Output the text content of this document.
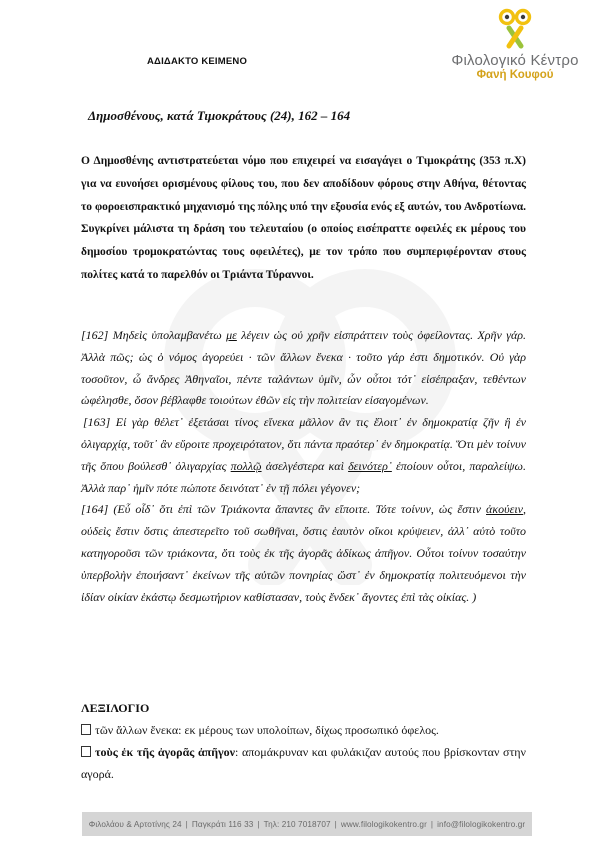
ΑΔΙΔΑΚΤΟ ΚΕΙΜΕΝΟ	Φιλολογικό Κέντρο
Φανή Κουφού
Δημοσθένους, κατά Τιμοκράτους (24), 162 – 164

Ο Δημοσθένης αντιστρατεύεται νόμο που επιχειρεί να εισαγάγει ο Τιμοκράτης (353 π.Χ) για να ευνοήσει ορισμένους φίλους του, που δεν αποδίδουν φόρους στην Αθήνα, θέτοντας το φοροεισπρακτικό μηχανισμό της πόλης υπό την εξουσία ενός εξ αυτών, του Ανδροτίωνα. Συγκρίνει μάλιστα τη δράση του τελευταίου (ο οποίος εισέπραττε οφειλές εκ μέρους του δημοσίου τρομοκρατώντας τους οφειλέτες), με τον τρόπο που συμπεριφέρονταν στους πολίτες κατά το παρελθόν οι Τριάντα Τύραννοι.

[162] Μηδεὶς ὑπολαμβανέτω με λέγειν ὡς οὐ χρῆν εἰσπράττειν τοὺς ὀφείλοντας. Χρῆν γάρ. Ἀλλὰ πῶς; ὡς ὁ νόμος ἀγορεύει · τῶν ἄλλων ἕνεκα · τοῦτο γάρ ἐστι δημοτικόν. Οὐ γὰρ τοσοῦτον, ὦ ἄνδρες Ἀθηναῖοι, πέντε ταλάντων ὑμῖν, ὧν οὗτοι τότ᾽ εἰσέπραξαν, τεθέντων ὠφέλησθε, ὅσον βέβλαφθε τοιούτων ἐθῶν εἰς τὴν πολιτείαν εἰσαγομένων.

[163] Εἰ γὰρ θέλετ᾽ ἐξετάσαι τίνος εἵνεκα μᾶλλον ἂν τις ἕλοιτ᾽ ἐν δημοκρατίᾳ ζῆν ἢ ἐν ὀλιγαρχίᾳ, τοῦτ᾽ ἂν εὕροιτε προχειρότατον, ὅτι πάντα πραότερ᾽ ἐν δημοκρατίᾳ. Ὅτι μὲν τοίνυν τῆς ὅπου βούλεσθ᾽ ὀλιγαρχίας πολλῷ ἀσελγέστερα καὶ δεινότερ᾽ ἐποίουν οὗτοι, παραλείψω. Ἀλλὰ παρ᾽ ἡμῖν πότε πώποτε δεινότατ᾽ ἐν τῇ πόλει γέγονεν;

[164] (Εὖ οἶδ᾽ ὅτι ἐπὶ τῶν Τριάκοντα ἅπαντες ἂν εἴποιτε. Τότε τοίνυν, ὡς ἔστιν ἀκούειν, οὐδεὶς ἔστιν ὅστις ἀπεστερεῖτο τοῦ σωθῆναι, ὅστις ἑαυτὸν οἴκοι κρύψειεν, ἀλλ᾽ αὐτὸ τοῦτο κατηγοροῦσι τῶν τριάκοντα, ὅτι τοὺς ἐκ τῆς ἀγορᾶς ἀδίκως ἀπῆγον. Οὗτοι τοίνυν τοσαύτην ὑπερβολὴν ἐποιήσαντ᾽ ἐκείνων τῆς αὐτῶν πονηρίας ὥστ᾽ ἐν δημοκρατίᾳ πολιτευόμενοι τὴν ἰδίαν οἰκίαν ἑκάστῳ δεσμωτήριον καθίστασαν, τοὺς ἕνδεκ᾽ ἄγοντες ἐπὶ τὰς οἰκίας. )

ΛΕΞΙΛΟΓΙΟ

τῶν ἄλλων ἕνεκα: εκ μέρους των υπολοίπων, δίχως προσωπικό όφελος.

τοὺς ἐκ τῆς ἀγορᾶς ἀπῆγον: απομάκρυναν και φυλάκιζαν αυτούς που βρίσκονταν στην αγορά.

Φιλολάου & Αρτοτίνης 24 | Παγκράτι 116 33 | Τηλ: 210 7018707 | www.filologikokentro.gr | info@filologikokentro.gr
